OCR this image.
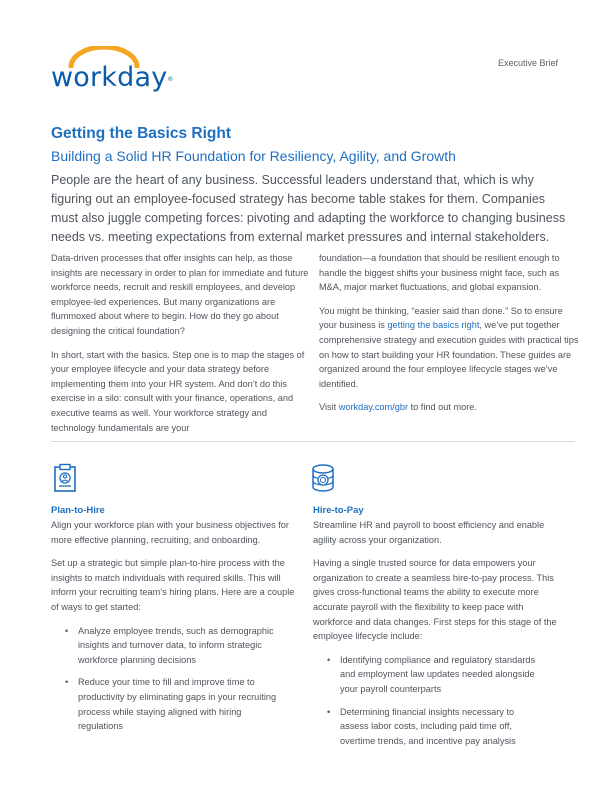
workday®
Executive Brief
Getting the Basics Right
Building a Solid HR Foundation for Resiliency, Agility, and Growth
People are the heart of any business. Successful leaders understand that, which is why figuring out an employee-focused strategy has become table stakes for them. Companies must also juggle competing forces: pivoting and adapting the workforce to changing business needs vs. meeting expectations from external market pressures and internal stakeholders.

Data-driven processes that offer insights can help, as those insights are necessary in order to plan for immediate and future workforce needs, recruit and reskill employees, and develop employee-led experiences. But many organizations are flummoxed about where to begin. How do they go about designing the critical foundation?

In short, start with the basics. Step one is to map the stages of your employee lifecycle and your data strategy before implementing them into your HR system. And don’t do this exercise in a silo: consult with your finance, operations, and executive teams as well. Your workforce strategy and technology fundamentals are your

foundation—a foundation that should be resilient enough to handle the biggest shifts your business might face, such as M&A, major market fluctuations, and global expansion.

You might be thinking, “easier said than done.” So to ensure your business is getting the basics right, we’ve put together comprehensive strategy and execution guides with practical tips on how to start building your HR foundation. These guides are organized around the four employee lifecycle stages we’ve identified.

Visit workday.com/gbr to find out more.

Plan-to-Hire

Align your workforce plan with your business objectives for more effective planning, recruiting, and onboarding.

Set up a strategic but simple plan-to-hire process with the insights to match individuals with required skills. This will inform your recruiting team’s hiring plans. Here are a couple of ways to get started:

• Analyze employee trends, such as demographic insights and turnover data, to inform strategic workforce planning decisions
• Reduce your time to fill and improve time to productivity by eliminating gaps in your recruiting process while staying aligned with hiring regulations
Hire-to-Pay

Streamline HR and payroll to boost efficiency and enable agility across your organization.

Having a single trusted source for data empowers your organization to create a seamless hire-to-pay process. This gives cross-functional teams the ability to execute more accurate payroll with the flexibility to keep pace with workforce and data changes. First steps for this stage of the employee lifecycle include:

• Identifying compliance and regulatory standards and employment law updates needed alongside your payroll counterparts
• Determining financial insights necessary to assess labor costs, including paid time off, overtime trends, and incentive pay analysis
